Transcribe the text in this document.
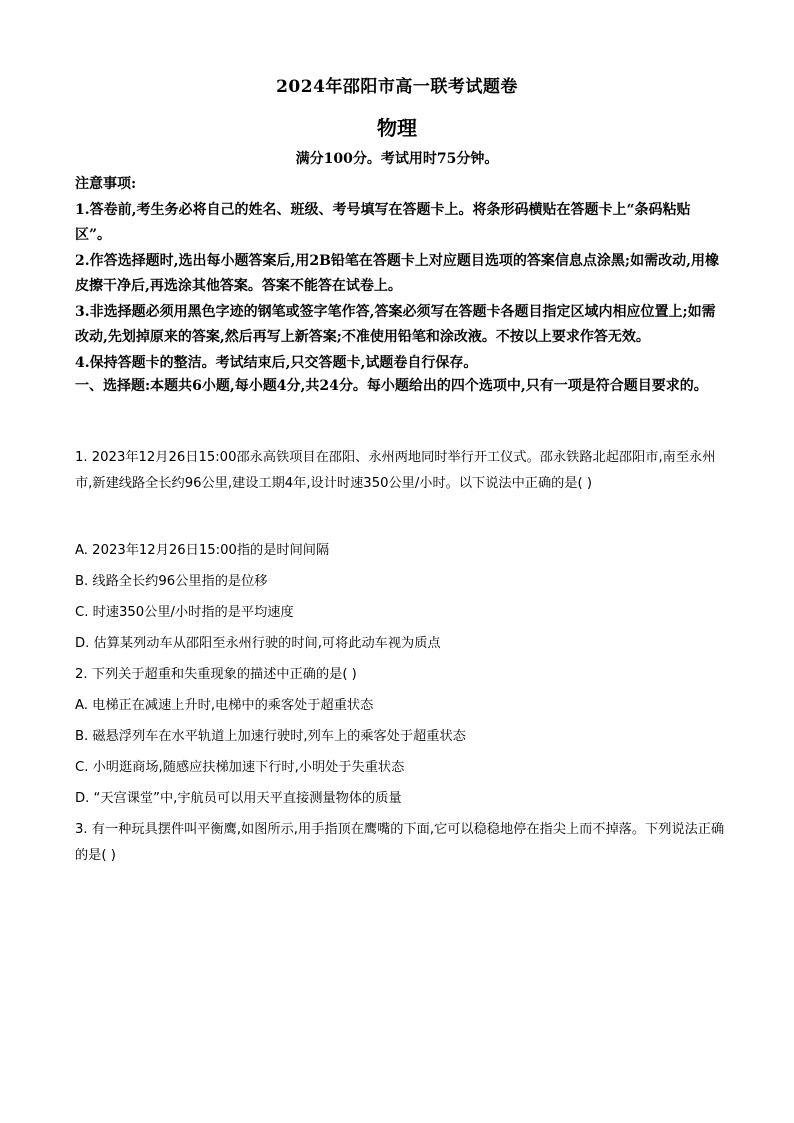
2024年邵阳市高一联考试题卷
物理
满分100分。考试用时75分钟。

注意事项:

1.答卷前,考生务必将自己的姓名、班级、考号填写在答题卡上。将条形码横贴在答题卡上“条码粘贴区”。

2.作答选择题时,选出每小题答案后,用2B铅笔在答题卡上对应题目选项的答案信息点涂黑;如需改动,用橡皮擦干净后,再选涂其他答案。答案不能答在试卷上。

3.非选择题必须用黑色字迹的钢笔或签字笔作答,答案必须写在答题卡各题目指定区域内相应位置上;如需改动,先划掉原来的答案,然后再写上新答案;不准使用铅笔和涂改液。不按以上要求作答无效。

4.保持答题卡的整洁。考试结束后,只交答题卡,试题卷自行保存。

一、选择题:本题共6小题,每小题4分,共24分。每小题给出的四个选项中,只有一项是符合题目要求的。

1. 2023年12月26日15:00邵永高铁项目在邵阳、永州两地同时举行开工仪式。邵永铁路北起邵阳市,南至永州市,新建线路全长约96公里,建设工期4年,设计时速350公里/小时。以下说法中正确的是( )

A. 2023年12月26日15:00指的是时间间隔
B. 线路全长约96公里指的是位移
C. 时速350公里/小时指的是平均速度
D. 估算某列动车从邵阳至永州行驶的时间,可将此动车视为质点
2. 下列关于超重和失重现象的描述中正确的是( )
A. 电梯正在减速上升时,电梯中的乘客处于超重状态
B. 磁悬浮列车在水平轨道上加速行驶时,列车上的乘客处于超重状态
C. 小明逛商场,随感应扶梯加速下行时,小明处于失重状态
D. “天宫课堂”中,宇航员可以用天平直接测量物体的质量

3. 有一种玩具摆件叫平衡鹰,如图所示,用手指顶在鹰嘴的下面,它可以稳稳地停在指尖上而不掉落。下列说法正确的是( )
